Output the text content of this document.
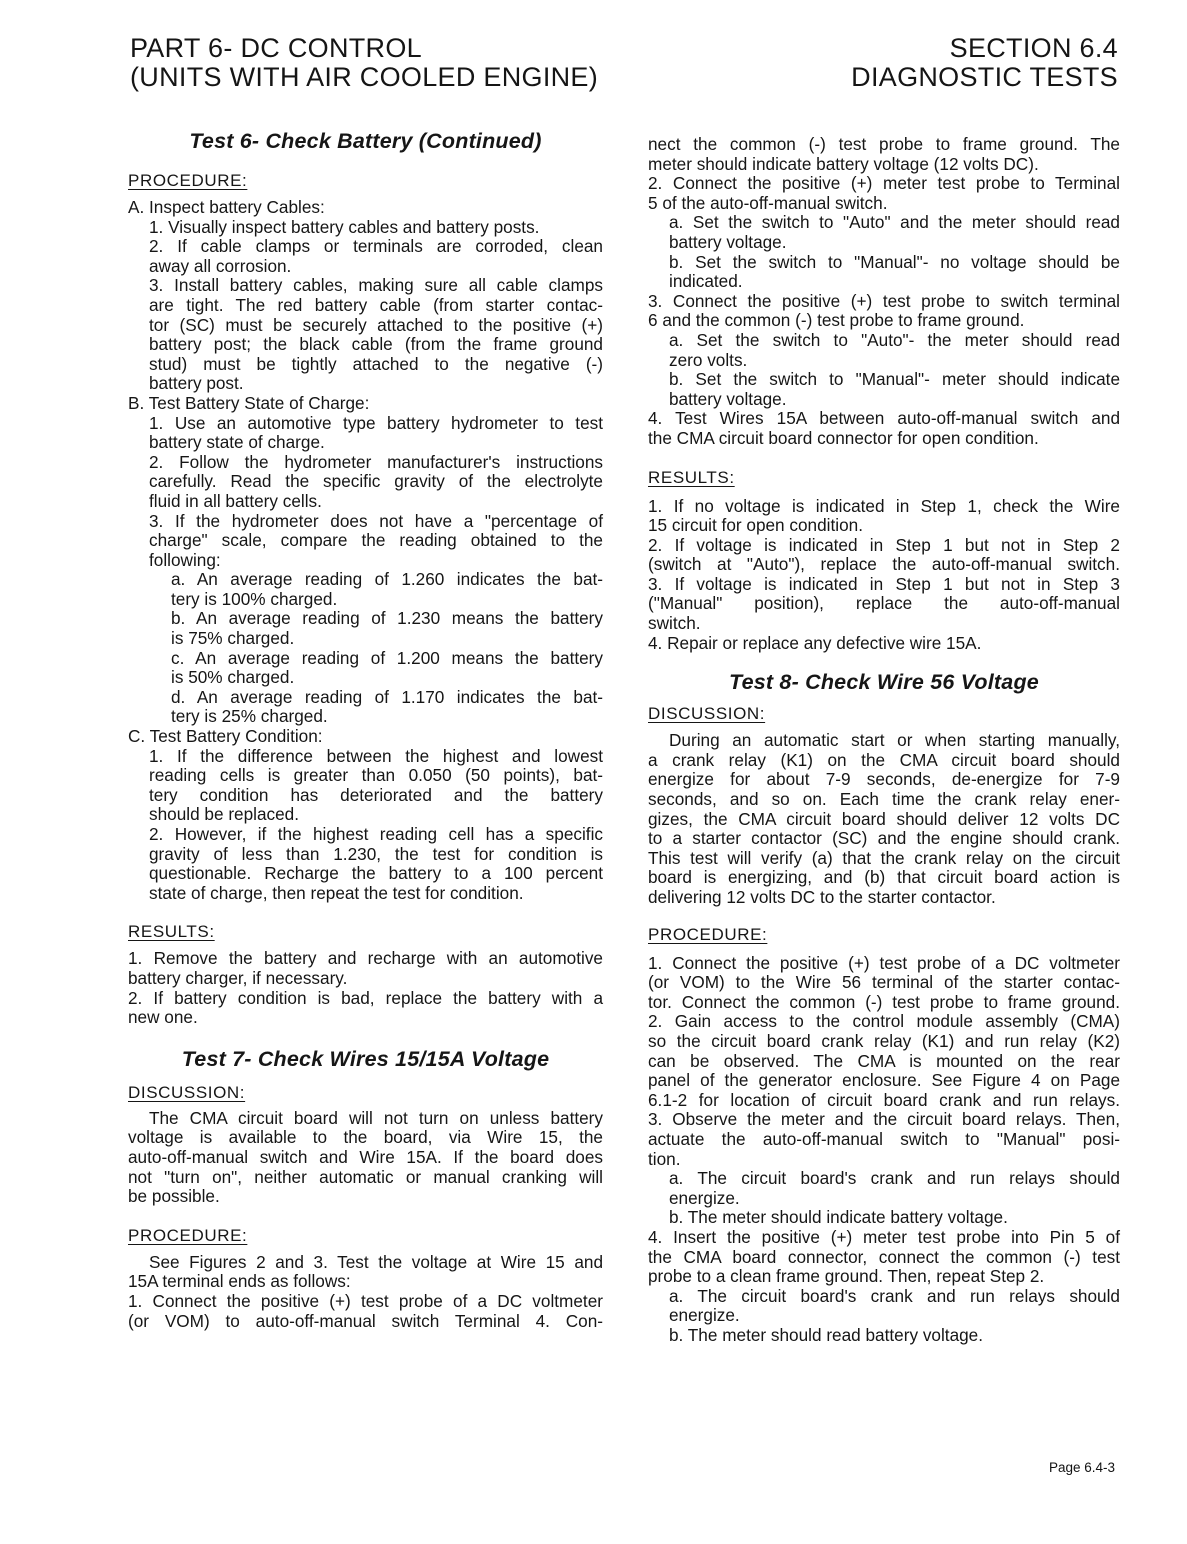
PART 6- DC CONTROL
(UNITS WITH AIR COOLED ENGINE)
SECTION 6.4
DIAGNOSTIC TESTS
Test 6- Check Battery (Continued)
PROCEDURE:
A. Inspect battery Cables:
1. Visually inspect battery cables and battery posts.
2. If cable clamps or terminals are corroded, clean
away all corrosion.
3. Install battery cables, making sure all cable clamps
are tight. The red battery cable (from starter contac-
tor (SC) must be securely attached to the positive (+)
battery post; the black cable (from the frame ground
stud) must be tightly attached to the negative (-)
battery post.
B. Test Battery State of Charge:
1. Use an automotive type battery hydrometer to test
battery state of charge.
2. Follow the hydrometer manufacturer's instructions
carefully. Read the specific gravity of the electrolyte
fluid in all battery cells.
3. If the hydrometer does not have a "percentage of
charge" scale, compare the reading obtained to the
following:
a. An average reading of 1.260 indicates the bat-
tery is 100% charged.
b. An average reading of 1.230 means the battery
is 75% charged.
c. An average reading of 1.200 means the battery
is 50% charged.
d. An average reading of 1.170 indicates the bat-
tery is 25% charged.
C. Test Battery Condition:
1. If the difference between the highest and lowest
reading cells is greater than 0.050 (50 points), bat-
tery condition has deteriorated and the battery
should be replaced.
2. However, if the highest reading cell has a specific
gravity of less than 1.230, the test for condition is
questionable. Recharge the battery to a 100 percent
state of charge, then repeat the test for condition.
RESULTS:
1. Remove the battery and recharge with an automotive
battery charger, if necessary.
2. If battery condition is bad, replace the battery with a
new one.
Test 7- Check Wires 15/15A Voltage
DISCUSSION:
The CMA circuit board will not turn on unless battery
voltage is available to the board, via Wire 15, the
auto-off-manual switch and Wire 15A. If the board does
not "turn on", neither automatic or manual cranking will
be possible.
PROCEDURE:
See Figures 2 and 3. Test the voltage at Wire 15 and
15A terminal ends as follows:
1. Connect the positive (+) test probe of a DC voltmeter
(or VOM) to auto-off-manual switch Terminal 4. Con-
nect the common (-) test probe to frame ground. The
meter should indicate battery voltage (12 volts DC).
2. Connect the positive (+) meter test probe to Terminal
5 of the auto-off-manual switch.
a. Set the switch to "Auto" and the meter should read
battery voltage.
b. Set the switch to "Manual"- no voltage should be
indicated.
3. Connect the positive (+) test probe to switch terminal
6 and the common (-) test probe to frame ground.
a. Set the switch to "Auto"- the meter should read
zero volts.
b. Set the switch to "Manual"- meter should indicate
battery voltage.
4. Test Wires 15A between auto-off-manual switch and
the CMA circuit board connector for open condition.
RESULTS:
1. If no voltage is indicated in Step 1, check the Wire
15 circuit for open condition.
2. If voltage is indicated in Step 1 but not in Step 2
(switch at "Auto"), replace the auto-off-manual switch.
3. If voltage is indicated in Step 1 but not in Step 3
("Manual" position), replace the auto-off-manual
switch.
4. Repair or replace any defective wire 15A.
Test 8- Check Wire 56 Voltage
DISCUSSION:
During an automatic start or when starting manually,
a crank relay (K1) on the CMA circuit board should
energize for about 7-9 seconds, de-energize for 7-9
seconds, and so on. Each time the crank relay ener-
gizes, the CMA circuit board should deliver 12 volts DC
to a starter contactor (SC) and the engine should crank.
This test will verify (a) that the crank relay on the circuit
board is energizing, and (b) that circuit board action is
delivering 12 volts DC to the starter contactor.
PROCEDURE:
1. Connect the positive (+) test probe of a DC voltmeter
(or VOM) to the Wire 56 terminal of the starter contac-
tor. Connect the common (-) test probe to frame ground.
2. Gain access to the control module assembly (CMA)
so the circuit board crank relay (K1) and run relay (K2)
can be observed. The CMA is mounted on the rear
panel of the generator enclosure. See Figure 4 on Page
6.1-2 for location of circuit board crank and run relays.
3. Observe the meter and the circuit board relays. Then,
actuate the auto-off-manual switch to "Manual" posi-
tion.
a. The circuit board's crank and run relays should
energize.
b. The meter should indicate battery voltage.
4. Insert the positive (+) meter test probe into Pin 5 of
the CMA board connector, connect the common (-) test
probe to a clean frame ground. Then, repeat Step 2.
a. The circuit board's crank and run relays should
energize.
b. The meter should read battery voltage.
Page 6.4-3
